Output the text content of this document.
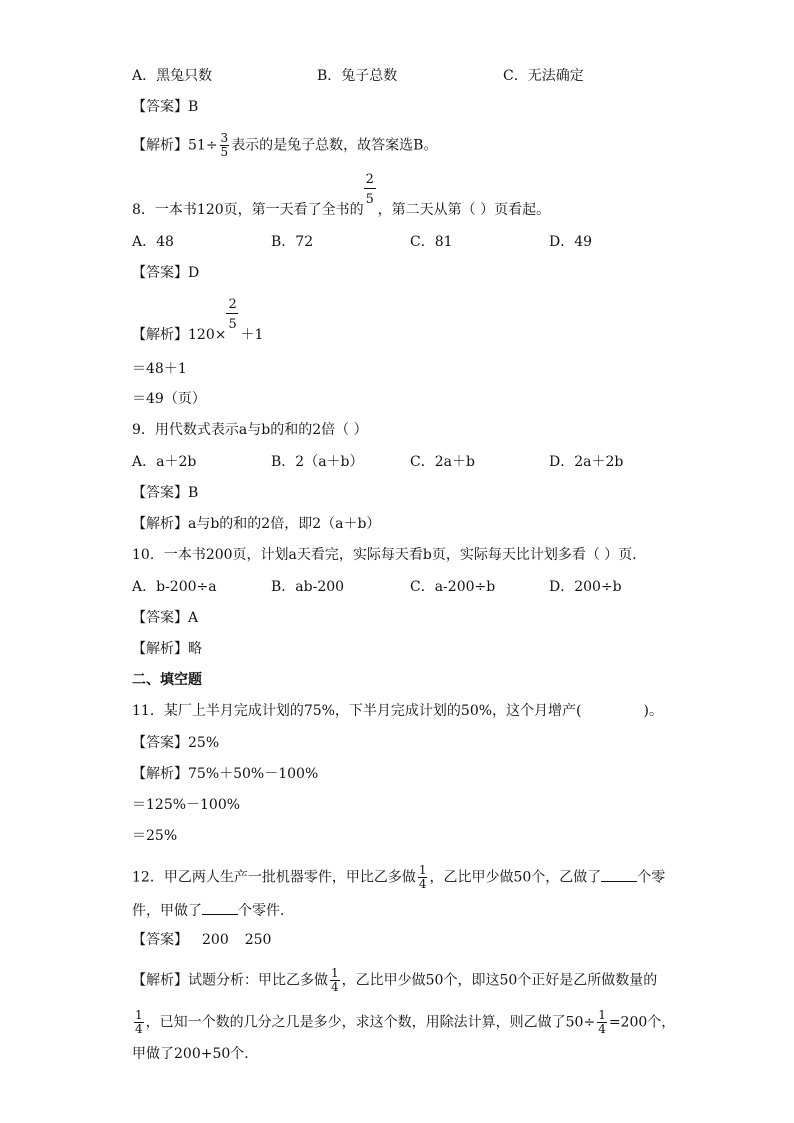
A．黑兔只数	B．兔子总数	C．无法确定
【答案】B
【解析】$51\div \frac{3}{5}$ 表示的是兔子总数，故答案选B。
8．一本书120页，第一天看了全书的 $\frac{2}{5}$ ，第二天从第（ ）页看起。
A．48	B．72	C．81	D．49
【答案】D
【解析】$120\times \frac{2}{5} +1$
＝48＋1
＝49（页）
9．用代数式表示a与b的和的2倍（ ）
A．a＋2b	B．2（a＋b）	C．2a＋b	D．2a＋2b
【答案】B
【解析】a与b的和的2倍，即2（a＋b）
10．一本书200页，计划a天看完，实际每天看b页，实际每天比计划多看（ ）页．
A．b-200÷a	B．ab-200	C．a-200÷b	D．200÷b
【答案】A
【解析】略
二、填空题
11．某厂上半月完成计划的75%，下半月完成计划的50%，这个月增产(	)。
【答案】25%
【解析】75%＋50%－100%
＝125%－100%
＝25%
12．甲乙两人生产一批机器零件，甲比乙多做 $\frac{1}{4}$ ，乙比甲少做50个，乙做了	个零
件，甲做了	个零件．
【答案】 200 250
【解析】试题分析：甲比乙多做 $\frac{1}{4}$ ，乙比甲少做50个，即这50个正好是乙所做数量的
$\frac{1}{4}$ ，已知一个数的几分之几是多少，求这个数，用除法计算，则乙做了$50\div \frac{1}{4} =200$个，
甲做了200+50个．
